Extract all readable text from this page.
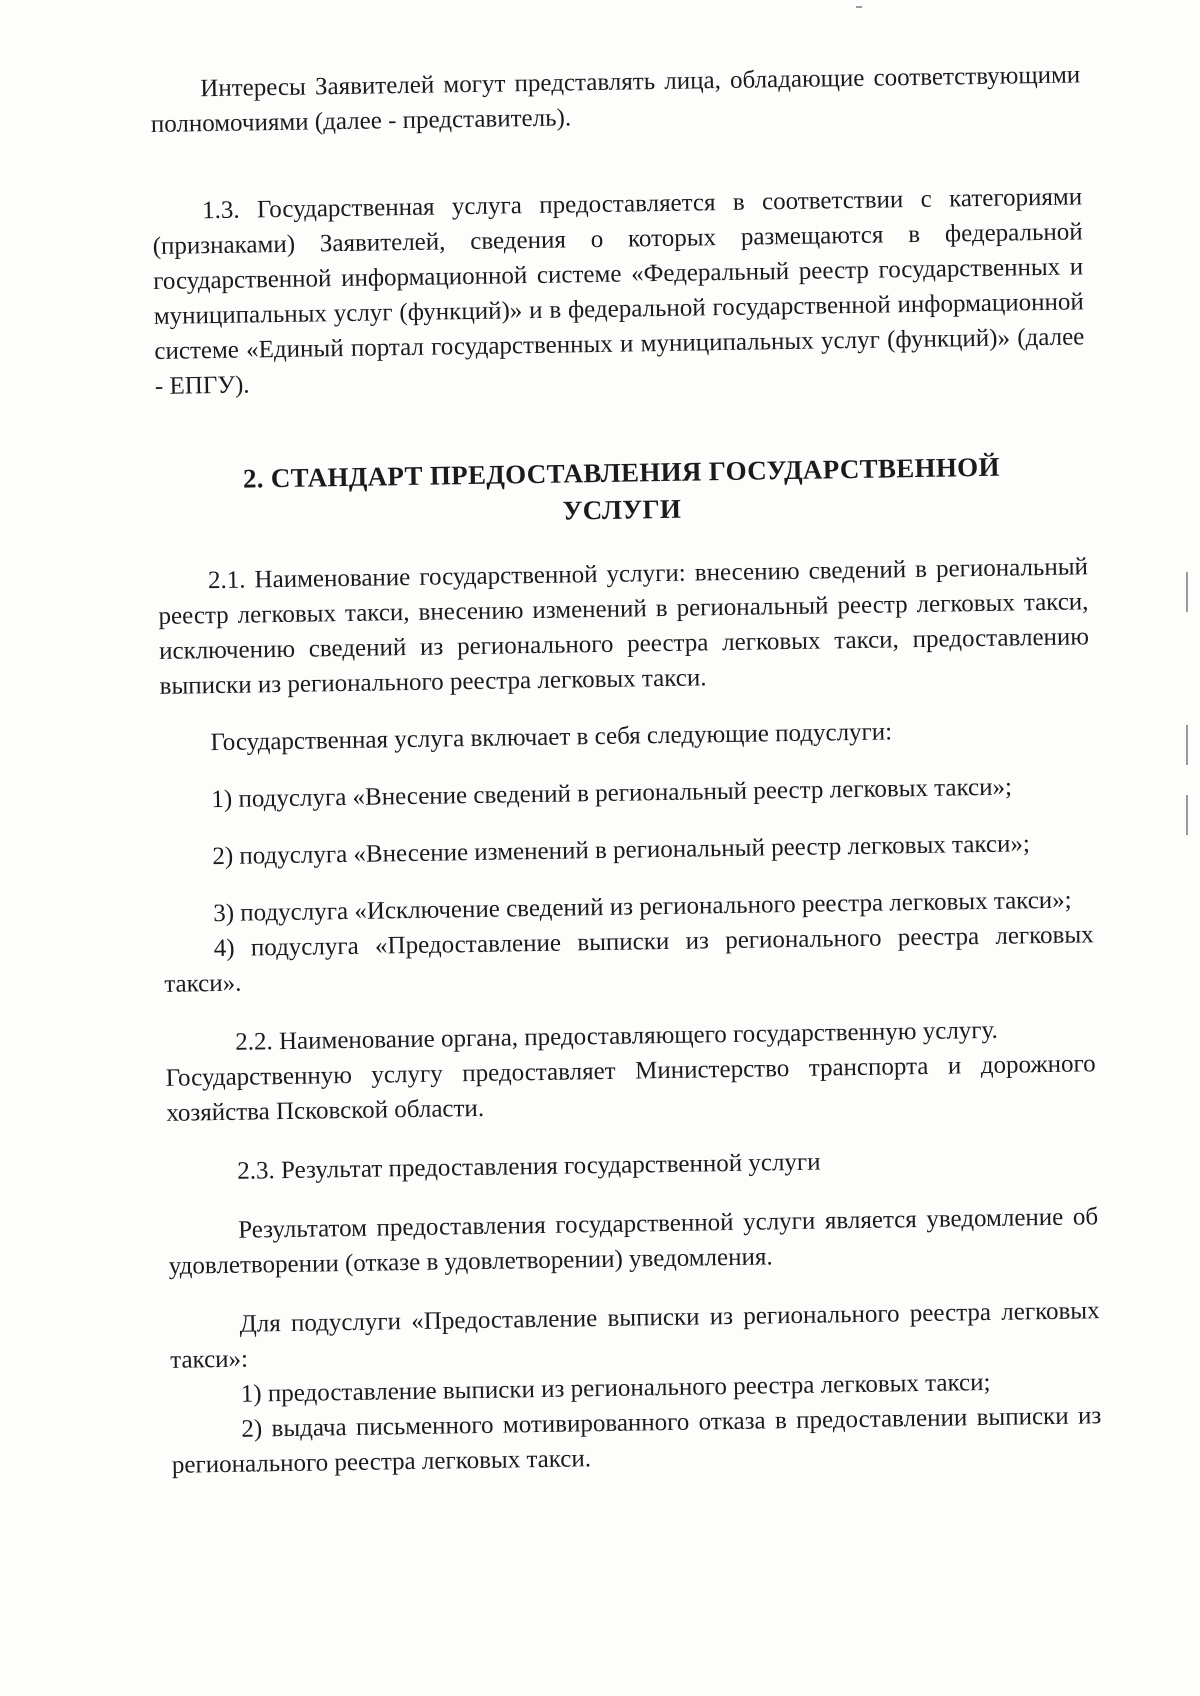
Интересы Заявителей могут представлять лица, обладающие соответствующими полномочиями (далее - представитель).

1.3. Государственная услуга предоставляется в соответствии с категориями (признаками) Заявителей, сведения о которых размещаются в федеральной государственной информационной системе «Федеральный реестр государственных и муниципальных услуг (функций)» и в федеральной государственной информационной системе «Единый портал государственных и муниципальных услуг (функций)» (далее - ЕПГУ).

2. СТАНДАРТ ПРЕДОСТАВЛЕНИЯ ГОСУДАРСТВЕННОЙ
УСЛУГИ

2.1. Наименование государственной услуги: внесению сведений в региональный реестр легковых такси, внесению изменений в региональный реестр легковых такси, исключению сведений из регионального реестра легковых такси, предоставлению выписки из регионального реестра легковых такси.

Государственная услуга включает в себя следующие подуслуги:

1) подуслуга «Внесение сведений в региональный реестр легковых такси»;

2) подуслуга «Внесение изменений в региональный реестр легковых такси»;

3) подуслуга «Исключение сведений из регионального реестра легковых такси»;

4) подуслуга «Предоставление выписки из регионального реестра легковых такси».

2.2. Наименование органа, предоставляющего государственную услугу.

Государственную услугу предоставляет Министерство транспорта и дорожного хозяйства Псковской области.

2.3. Результат предоставления государственной услуги

Результатом предоставления государственной услуги является уведомление об удовлетворении (отказе в удовлетворении) уведомления.

Для подуслуги «Предоставление выписки из регионального реестра легковых такси»:

1) предоставление выписки из регионального реестра легковых такси;

2) выдача письменного мотивированного отказа в предоставлении выписки из регионального реестра легковых такси.
